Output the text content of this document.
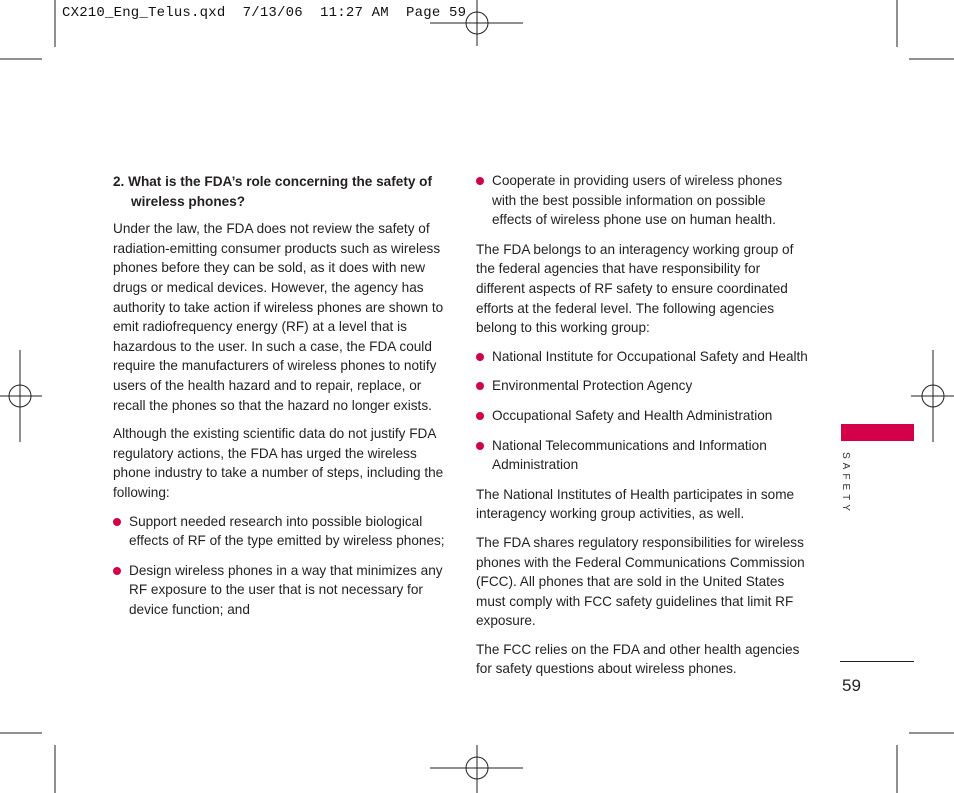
CX210_Eng_Telus.qxd  7/13/06  11:27 AM  Page 59
2. What is the FDA’s role concerning the safety of wireless phones?

Under the law, the FDA does not review the safety of radiation-emitting consumer products such as wireless phones before they can be sold, as it does with new drugs or medical devices. However, the agency has authority to take action if wireless phones are shown to emit radiofrequency energy (RF) at a level that is hazardous to the user. In such a case, the FDA could require the manufacturers of wireless phones to notify users of the health hazard and to repair, replace, or recall the phones so that the hazard no longer exists.

Although the existing scientific data do not justify FDA regulatory actions, the FDA has urged the wireless phone industry to take a number of steps, including the following:

Support needed research into possible biological effects of RF of the type emitted by wireless phones;
Design wireless phones in a way that minimizes any RF exposure to the user that is not necessary for device function; and
Cooperate in providing users of wireless phones with the best possible information on possible effects of wireless phone use on human health.

The FDA belongs to an interagency working group of the federal agencies that have responsibility for different aspects of RF safety to ensure coordinated efforts at the federal level. The following agencies belong to this working group:

National Institute for Occupational Safety and Health
Environmental Protection Agency
Occupational Safety and Health Administration
National Telecommunications and Information Administration

The National Institutes of Health participates in some interagency working group activities, as well.

The FDA shares regulatory responsibilities for wireless phones with the Federal Communications Commission (FCC). All phones that are sold in the United States must comply with FCC safety guidelines that limit RF exposure.

The FCC relies on the FDA and other health agencies for safety questions about wireless phones.

SAFETY
59
